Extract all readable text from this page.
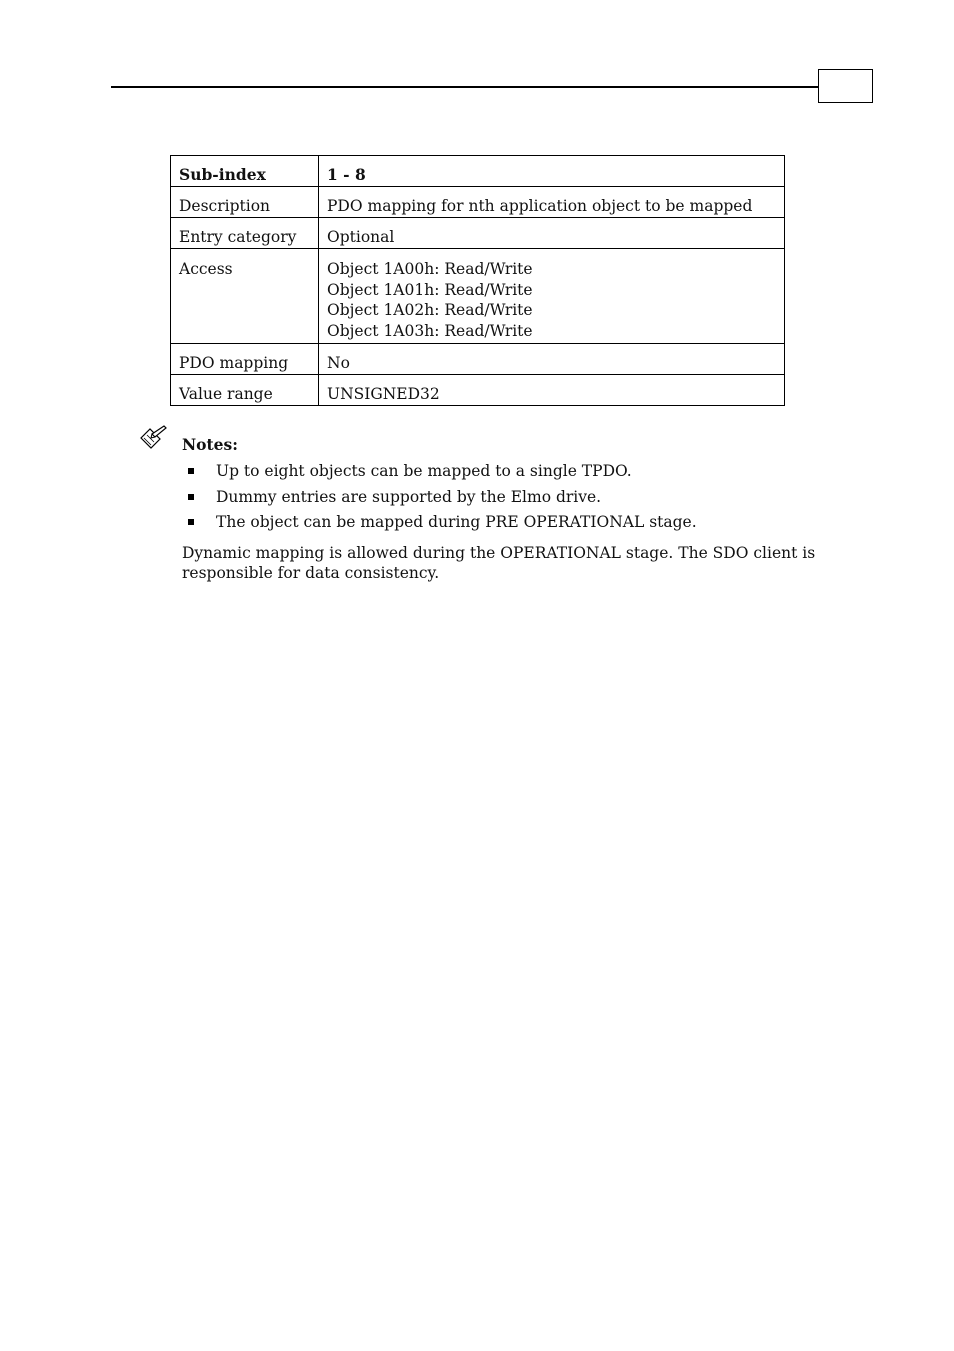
Sub-index	1 - 8
Description	PDO mapping for nth application object to be mapped
Entry category	Optional
Access	Object 1A00h: Read/Write
Object 1A01h: Read/Write
Object 1A02h: Read/Write
Object 1A03h: Read/Write

PDO mapping	No
Value range	UNSIGNED32
Notes:
Up to eight objects can be mapped to a single TPDO.
Dummy entries are supported by the Elmo drive.
The object can be mapped during PRE OPERATIONAL stage.
Dynamic mapping is allowed during the OPERATIONAL stage. The SDO client is responsible for data consistency.
